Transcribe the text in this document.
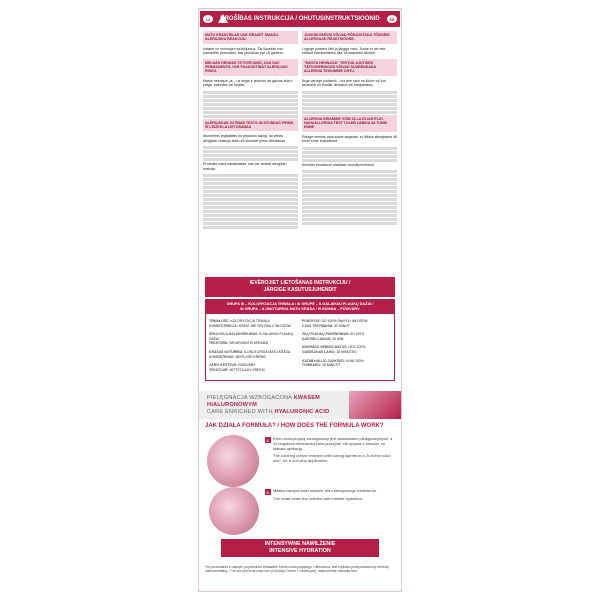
LV	DROŠĪBAS INSTRUKCIJA / OHUTUSINSTRUKTSIOONID	EE
MATU KRĀSVIELAS VAR IZRAISĪT SMAGU ALERĢISKU REAKCIJU.
Izlasiet un ievērojiet norādījumus. Šis līdzeklis nav paredzēts personām, kas jaunākas par 16 gadiem.
MELNĀS HENNAS TETOVĒJUMS, KAS NAV PERMANENTS, VAR PAAUGSTINĀT ALERĢIJAS RISKU.
Matus nekrāsot, ja: - uz sejas ir izsitumi vai galvas āda ir jutīga, kairināta vai bojāta;
ALERĢISKAS JUTĪBAS TESTS 48 STUNDAS PIRMS ŠĪ LĪDZEKĻA LIETOŠANAS
Atcerieties iegādāties šo produktu laicīgi, lai veiktu alerģisku reakciju testu 48 stundas pirms lietošanas.
Produkts satur sastāvdaļas, kas var izraisīt alerģisku reakciju.
JUUKSEVÄRVID VÕIVAD PÕHJUSTADA TÕSISEID ALLERGILISI REAKTSIOONE.
Lugege juhiseid läbi ja järgige neid. Toode ei ole ette nähtud kasutamiseks alla 16-aastastel isikutel.
"MUSTA HENNAGA" TEHTUD AJUTISED TÄTOVEERINGUD VÕIVAD SUURENDADA ALLERGIA TEKKIMISE OHTU.
Ärge värvige juukseid, - kui teie näol on lööve või kui peanahk on tundlik, ärritatud või kahjustatud;
ALLERGIA EIRAMINE VÕIB OLLA ELUOHTLIK. NAHAALLERGIA TEST TULEB LÄBIDA 48 TUNDI ENNE
Pidage meeles osta toode aegsasti, et läbida allergiatest 48 tundi enne kasutamist.
Kinnitav emulsioon sisaldab vesinikperoksiidi.
IEVĒROJIET LIETOŠANAS INSTRUKCIJU /
JÄRGIGE KASUTUSJUHENDIT
GRUPA III – KOLORYZACJA TRWAŁA / III GRUPĖ – ILGALAIKIAI PLAUKŲ DAŽAI /
III GRUPA – ILGNOTURĪGA MATU KRĀSA / III RÜHMA – PÜSIVÄRV
TRWAŁOŚĆ: KOLORYZACJA TRWAŁA
KONSYSTENCJA: KREM, NIE SPŁYWA Z WŁOSÓW
SPALVOS ILGALAIKIŠKUMAS: ILGALAIKIAI PLAUKŲ DAŽAI
TEKSTŪRA: NEVARVANTIS KREMAS
KRĀSAS NOTURĪBA: ILGNOTURĪGA MATU KRĀSA
KONSISTENCE: NEPILOŠS KRĒMS
VÄRVI KESTVUS: PÜSIVÄRV
TEKSTUUR: MITTETILKUV KREEM
POKRYCIE: DO 100% SIWYCH WŁOSÓW
CZAS TRZYMANIA: 30 MINUT
ŽILŲ PLAUKŲ PADENGIMAS: IKI 100%
DAŽYMO LAIKAS: 30 MIN.
NOKRĀSO SIRMOS MATUS: LĪDZ 100%
GAIDĪŠANAS LAIKS: 30 MINŪTES
KATAB HALLID JUUKSED: KUNI 100%
TOIMEAEG: 30 MINUTIT
PIELĘGNACJA WZBOGACONA KWASEM HIALURONOWYM
CARE ENRICHED WITH HYALURONIC ACID
JAK DZIAŁA FORMUŁA? / HOW DOES THE FORMULA WORK?
1. Krem koloryzujący wzbogacony jest składnikami pielęgnacyjnymi, a 2x bogatsza mieszanka koloryzacyjna* nie spływa z włosów, co ułatwia aplikację.
The coloring cream enriched with caring agents in a 2x richer color mix*, for a non-drip application.
2. Maska zamyka łuski włosów, dla intensywnego nawilżenia.
The mask seals the cuticles with intense hydration.
INTENSYWNE NAWILŻENIE
INTENSIVE HYDRATION
*W porównaniu z naszym poprzednim zestawem kremu koloryzującego i utleniacza, test lepkości przeprowadzony metodą instrumentalną. / *vs our previous color mix (Coloring Cream + Developer), instrumental viscosity test.
